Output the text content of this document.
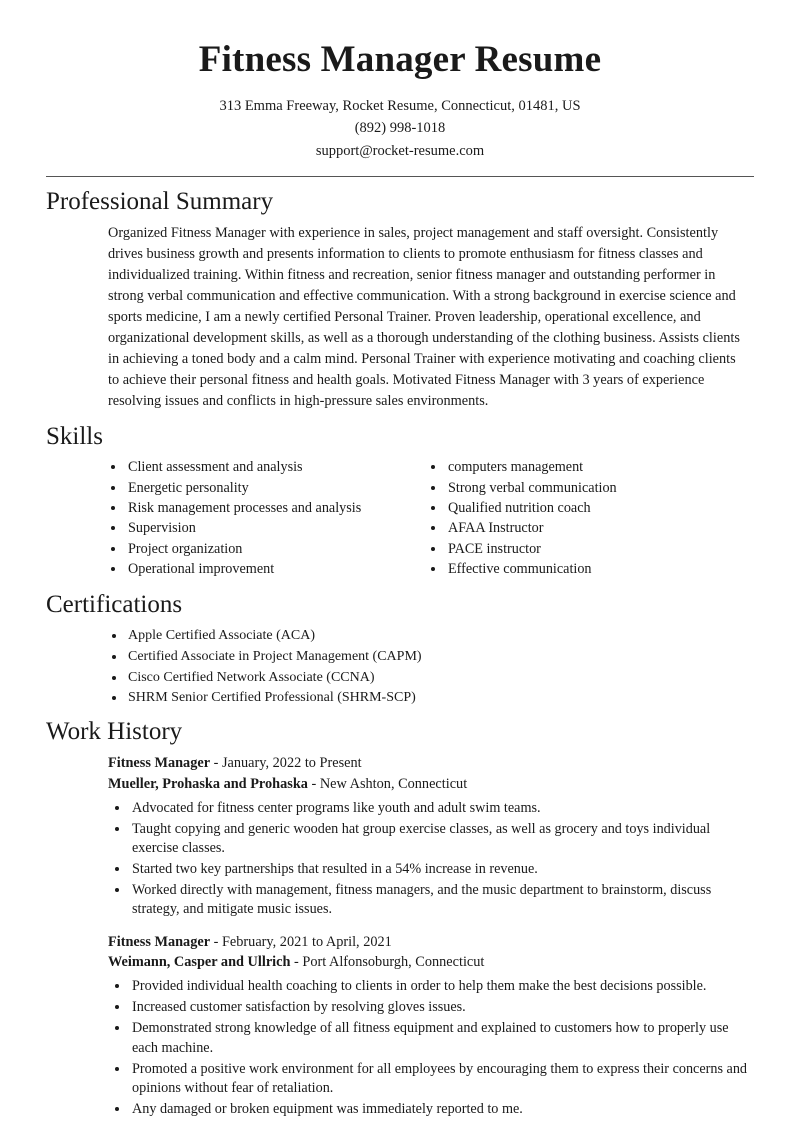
Fitness Manager Resume
313 Emma Freeway, Rocket Resume, Connecticut, 01481, US
(892) 998-1018
support@rocket-resume.com
Professional Summary
Organized Fitness Manager with experience in sales, project management and staff oversight. Consistently drives business growth and presents information to clients to promote enthusiasm for fitness classes and individualized training. Within fitness and recreation, senior fitness manager and outstanding performer in strong verbal communication and effective communication. With a strong background in exercise science and sports medicine, I am a newly certified Personal Trainer. Proven leadership, operational excellence, and organizational development skills, as well as a thorough understanding of the clothing business. Assists clients in achieving a toned body and a calm mind. Personal Trainer with experience motivating and coaching clients to achieve their personal fitness and health goals. Motivated Fitness Manager with 3 years of experience resolving issues and conflicts in high-pressure sales environments.
Skills
• Client assessment and analysis
• Energetic personality
• Risk management processes and analysis
• Supervision
• Project organization
• Operational improvement
• computers management
• Strong verbal communication
• Qualified nutrition coach
• AFAA Instructor
• PACE instructor
• Effective communication
Certifications
• Apple Certified Associate (ACA)
• Certified Associate in Project Management (CAPM)
• Cisco Certified Network Associate (CCNA)
• SHRM Senior Certified Professional (SHRM-SCP)
Work History
Fitness Manager - January, 2022 to Present
Mueller, Prohaska and Prohaska - New Ashton, Connecticut
• Advocated for fitness center programs like youth and adult swim teams.
• Taught copying and generic wooden hat group exercise classes, as well as grocery and toys individual exercise classes.
• Started two key partnerships that resulted in a 54% increase in revenue.
• Worked directly with management, fitness managers, and the music department to brainstorm, discuss strategy, and mitigate music issues.
Fitness Manager - February, 2021 to April, 2021
Weimann, Casper and Ullrich - Port Alfonsoburgh, Connecticut
• Provided individual health coaching to clients in order to help them make the best decisions possible.
• Increased customer satisfaction by resolving gloves issues.
• Demonstrated strong knowledge of all fitness equipment and explained to customers how to properly use each machine.
• Promoted a positive work environment for all employees by encouraging them to express their concerns and opinions without fear of retaliation.
• Any damaged or broken equipment was immediately reported to me.
